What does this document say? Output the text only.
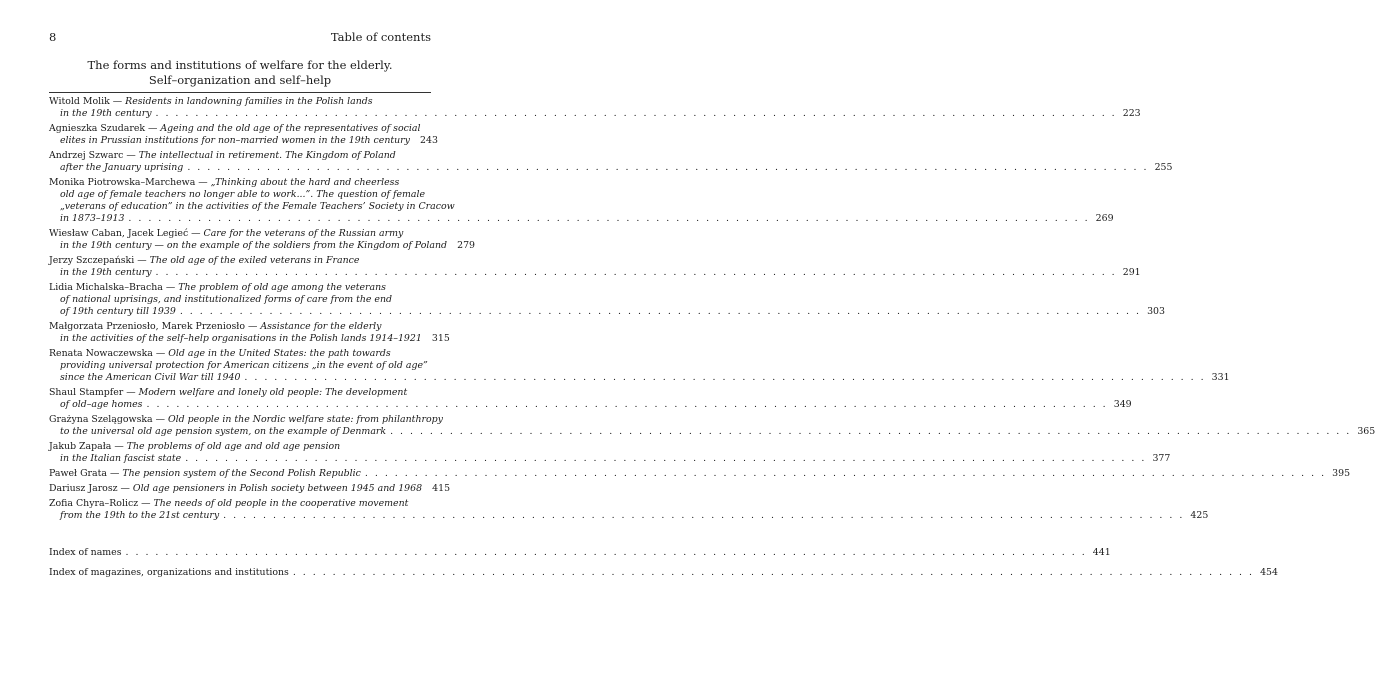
8	Table of contents
The forms and institutions of welfare for the elderly.
Self–organization and self–help
Witold Molik — Residents in landowning families in the Polish lands
in the 19th century . . .	223
Agnieszka Szudarek — Ageing and the old age of the representatives of social
elites in Prussian institutions for non–married women in the 19th century 243
Andrzej Szwarc — The intellectual in retirement. The Kingdom of Poland
after the January uprising . . .	255
Monika Piotrowska–Marchewa — „Thinking about the hard and cheerless
old age of female teachers no longer able to work...”. The question of female
„veterans of education” in the activities of the Female Teachers’ Society in Cracow
in 1873–1913 . . .	269
Wiesław Caban, Jacek Legieć — Care for the veterans of the Russian army
in the 19th century — on the example of the soldiers from the Kingdom of Poland 279
Jerzy Szczepański — The old age of the exiled veterans in France
in the 19th century . . .	291
Lidia Michalska–Bracha — The problem of old age among the veterans
of national uprisings, and institutionalized forms of care from the end
of 19th century till 1939 . . .	303
Małgorzata Przeniosło, Marek Przeniosło — Assistance for the elderly
in the activities of the self–help organisations in the Polish lands 1914–1921 315
Renata Nowaczewska — Old age in the United States: the path towards
providing universal protection for American citizens „in the event of old age”
since the American Civil War till 1940 . . .	331
Shaul Stampfer — Modern welfare and lonely old people: The development
of old–age homes . . .	349
Grażyna Szelągowska — Old people in the Nordic welfare state: from philanthropy
to the universal old age pension system, on the example of Denmark . . .	365
Jakub Zapała — The problems of old age and old age pension
in the Italian fascist state . . .	377
Paweł Grata — The pension system of the Second Polish Republic . . .	395
Dariusz Jarosz — Old age pensioners in Polish society between 1945 and 1968 415
Zofia Chyra–Rolicz — The needs of old people in the cooperative movement
from the 19th to the 21st century . . .	425
Index of names . . .	441
Index of magazines, organizations and institutions . . .	454
